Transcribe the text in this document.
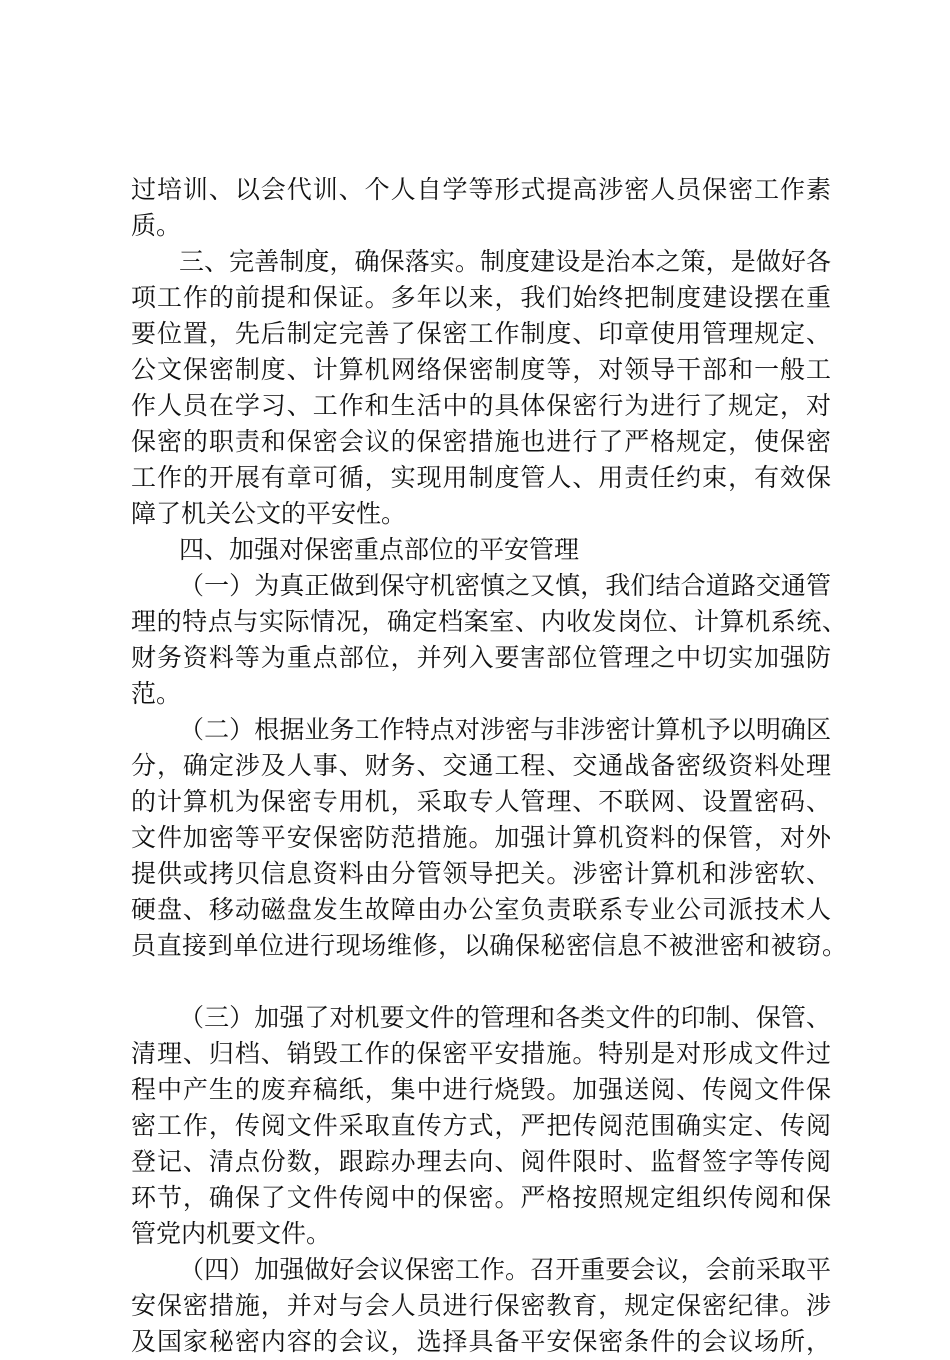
过培训、以会代训、个人自学等形式提高涉密人员保密工作素
质。
三、完善制度，确保落实。制度建设是治本之策，是做好各
项工作的前提和保证。多年以来，我们始终把制度建设摆在重
要位置，先后制定完善了保密工作制度、印章使用管理规定、
公文保密制度、计算机网络保密制度等，对领导干部和一般工
作人员在学习、工作和生活中的具体保密行为进行了规定，对
保密的职责和保密会议的保密措施也进行了严格规定，使保密
工作的开展有章可循，实现用制度管人、用责任约束，有效保
障了机关公文的平安性。
四、加强对保密重点部位的平安管理
（一）为真正做到保守机密慎之又慎，我们结合道路交通管
理的特点与实际情况，确定档案室、内收发岗位、计算机系统、
财务资料等为重点部位，并列入要害部位管理之中切实加强防
范。
（二）根据业务工作特点对涉密与非涉密计算机予以明确区
分，确定涉及人事、财务、交通工程、交通战备密级资料处理
的计算机为保密专用机，采取专人管理、不联网、设置密码、
文件加密等平安保密防范措施。加强计算机资料的保管，对外
提供或拷贝信息资料由分管领导把关。涉密计算机和涉密软、
硬盘、移动磁盘发生故障由办公室负责联系专业公司派技术人
员直接到单位进行现场维修，以确保秘密信息不被泄密和被窃。
（三）加强了对机要文件的管理和各类文件的印制、保管、
清理、归档、销毁工作的保密平安措施。特别是对形成文件过
程中产生的废弃稿纸，集中进行烧毁。加强送阅、传阅文件保
密工作，传阅文件采取直传方式，严把传阅范围确实定、传阅
登记、清点份数，跟踪办理去向、阅件限时、监督签字等传阅
环节，确保了文件传阅中的保密。严格按照规定组织传阅和保
管党内机要文件。
（四）加强做好会议保密工作。召开重要会议，会前采取平
安保密措施，并对与会人员进行保密教育，规定保密纪律。涉
及国家秘密内容的会议，选择具备平安保密条件的会议场所，
